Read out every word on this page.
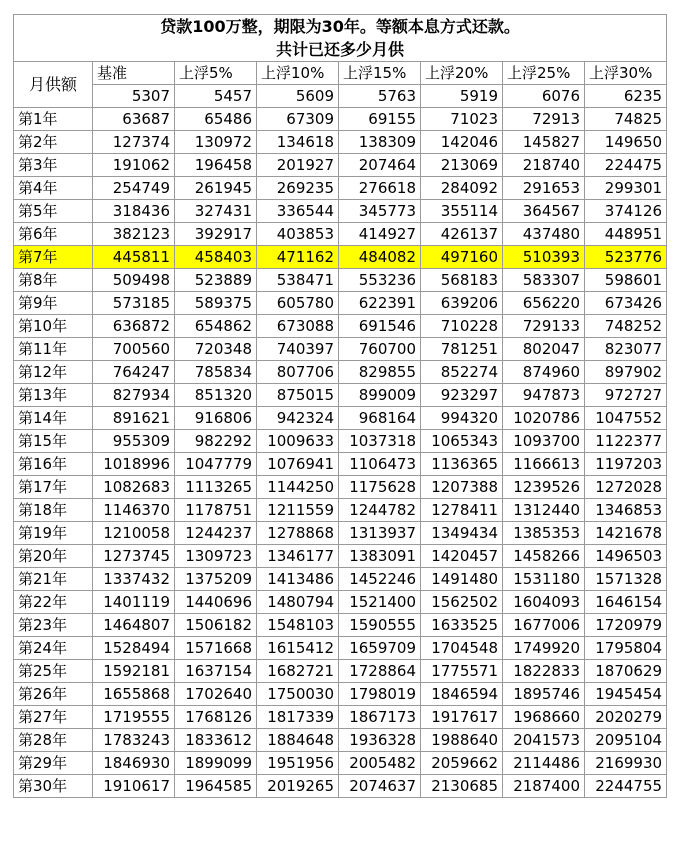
贷款100万整，期限为30年。等额本息方式还款。							
共计已还多少月供							
月供额	基准	上浮5%	上浮10%	上浮15%	上浮20%	上浮25%	上浮30%
	5307	5457	5609	5763	5919	6076	6235
第1年	63687	65486	67309	69155	71023	72913	74825
第2年	127374	130972	134618	138309	142046	145827	149650
第3年	191062	196458	201927	207464	213069	218740	224475
第4年	254749	261945	269235	276618	284092	291653	299301
第5年	318436	327431	336544	345773	355114	364567	374126
第6年	382123	392917	403853	414927	426137	437480	448951
第7年	445811	458403	471162	484082	497160	510393	523776
第8年	509498	523889	538471	553236	568183	583307	598601
第9年	573185	589375	605780	622391	639206	656220	673426
第10年	636872	654862	673088	691546	710228	729133	748252
第11年	700560	720348	740397	760700	781251	802047	823077
第12年	764247	785834	807706	829855	852274	874960	897902
第13年	827934	851320	875015	899009	923297	947873	972727
第14年	891621	916806	942324	968164	994320	1020786	1047552
第15年	955309	982292	1009633	1037318	1065343	1093700	1122377
第16年	1018996	1047779	1076941	1106473	1136365	1166613	1197203
第17年	1082683	1113265	1144250	1175628	1207388	1239526	1272028
第18年	1146370	1178751	1211559	1244782	1278411	1312440	1346853
第19年	1210058	1244237	1278868	1313937	1349434	1385353	1421678
第20年	1273745	1309723	1346177	1383091	1420457	1458266	1496503
第21年	1337432	1375209	1413486	1452246	1491480	1531180	1571328
第22年	1401119	1440696	1480794	1521400	1562502	1604093	1646154
第23年	1464807	1506182	1548103	1590555	1633525	1677006	1720979
第24年	1528494	1571668	1615412	1659709	1704548	1749920	1795804
第25年	1592181	1637154	1682721	1728864	1775571	1822833	1870629
第26年	1655868	1702640	1750030	1798019	1846594	1895746	1945454
第27年	1719555	1768126	1817339	1867173	1917617	1968660	2020279
第28年	1783243	1833612	1884648	1936328	1988640	2041573	2095104
第29年	1846930	1899099	1951956	2005482	2059662	2114486	2169930
第30年	1910617	1964585	2019265	2074637	2130685	2187400	2244755
